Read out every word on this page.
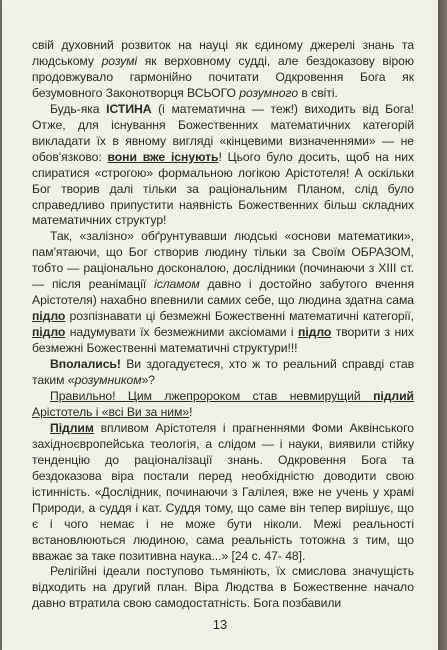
свій духовний розвиток на науці як єдиному джерелі знань та людському розумі як верховному судді, але бездоказову вірою продовжувало гармонійно почитати Одкровення Бога як безумовного Законотворця ВСЬОГО розумного в світі.

Будь-яка ІСТИНА (і математична — теж!) виходить від Бога! Отже, для існування Божественних математичних категорій викладати їх в явному вигляді «кінцевими визначеннями» — не обов'язково: вони вже існують! Цього було досить, щоб на них спиратися «строгою» формальною логікою Арістотеля! А оскільки Бог творив далі тільки за раціональним Планом, слід було справедливо припустити наявність Божественних більш складних математичних структур!

Так, «залізно» обґрунтувавши людські «основи математики», пам'ятаючи, що Бог створив людину тільки за Своїм ОБРАЗОМ, тобто — раціонально досконалою, дослідники (починаючи з XIII ст. — після реанімації ісламом давно і достойно забутого вчення Арістотеля) нахабно впевнили самих себе, що людина здатна сама підло розпізнавати ці безмежні Божественні математичні категорії, підло надумувати їх безмежними аксіомами і підло творити з них безмежні Божественні математичні структури!!!

Вполались! Ви здогадуєтеся, хто ж то реальний справді став таким «розумником»?

Правильно! Цим лжепророком став невмирущий підлий Арістотель і «всі Ви за ним»!

Підлим впливом Арістотеля і прагненнями Фоми Аквінського західноєвропейська теологія, а слідом — і науки, виявили стійку тенденцію до раціоналізації знань. Одкровення Бога та бездоказова віра постали перед необхідністю доводити свою істинність. «Дослідник, починаючи з Галілея, вже не учень у храмі Природи, а суддя і кат. Суддя тому, що саме він тепер вирішує, що є і чого немає і не може бути ніколи. Межі реальності встановлюються людиною, сама реальність тотожна з тим, що вважає за таке позитивна наука...» [24 с. 47- 48].

Релігійні ідеали поступово тьмяніють, їх смислова значущість відходить на другий план. Віра Людства в Божественне начало давно втратила свою самодостатність. Бога позбавили

13
